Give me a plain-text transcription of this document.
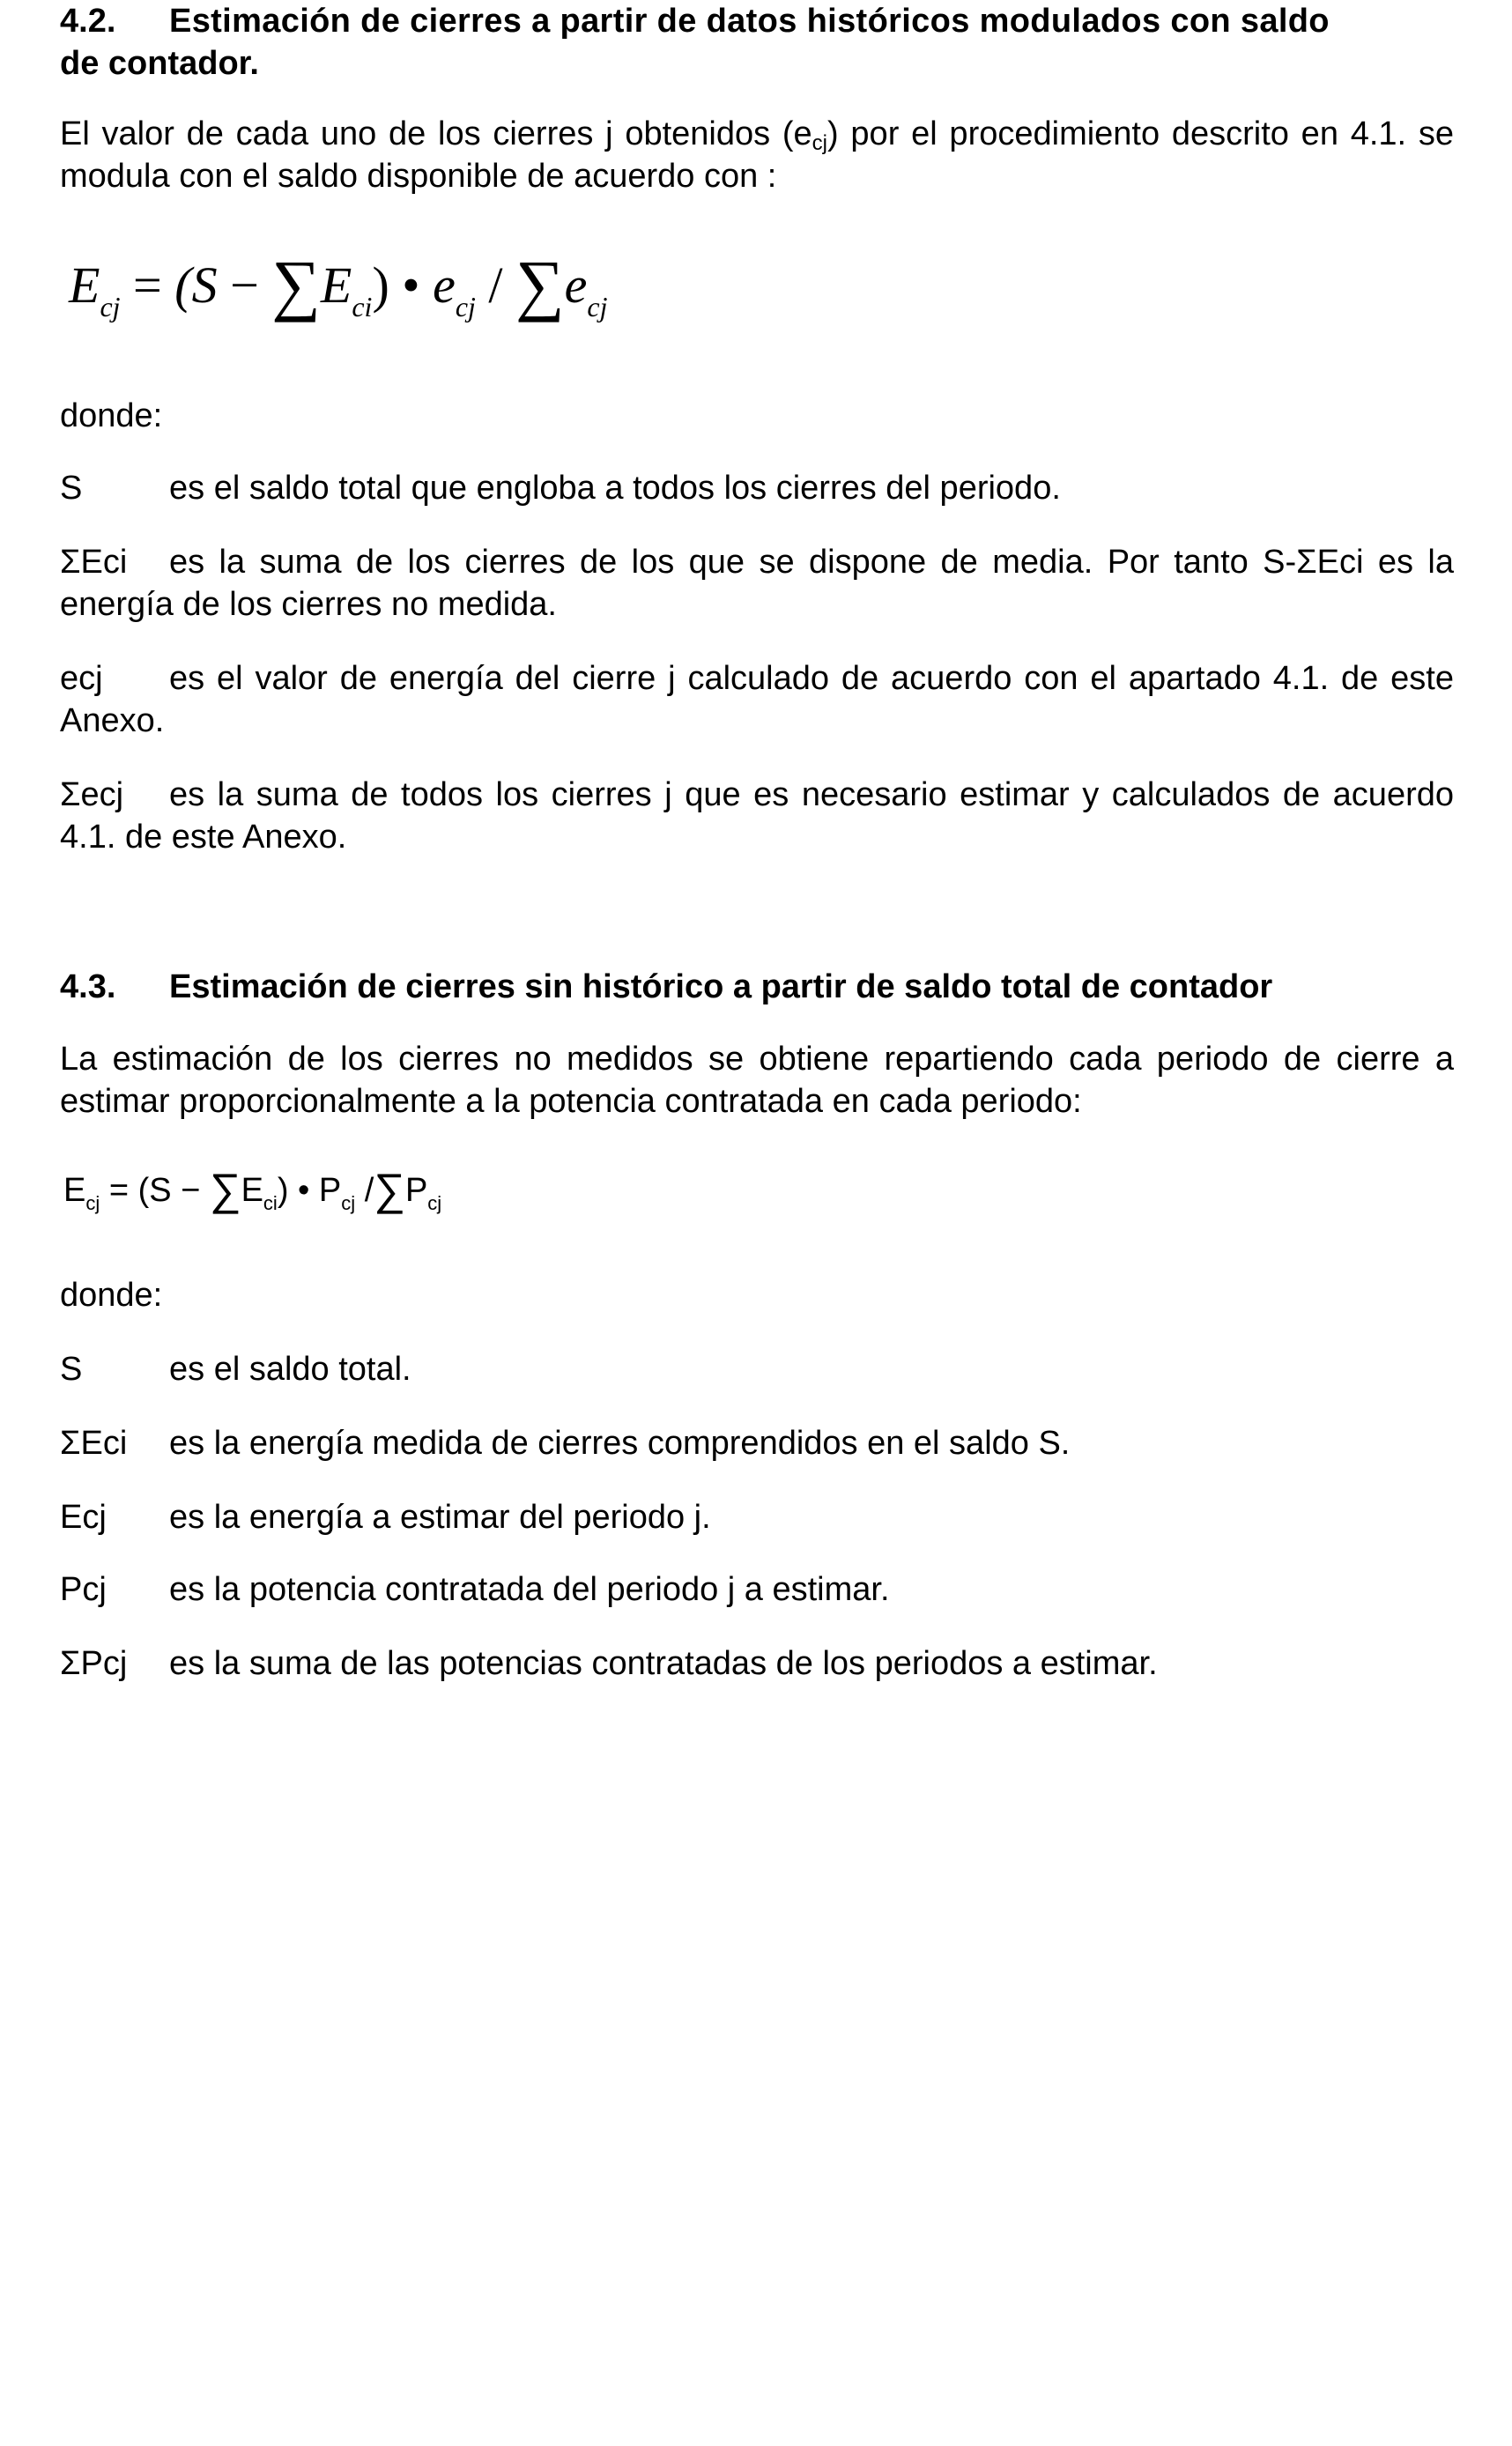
4.2. Estimación de cierres a partir de datos históricos modulados con saldo
de contador.
El valor de cada uno de los cierres j obtenidos $(e_{cj})$ por el procedimiento descrito en 4.1. se modula con el saldo disponible de acuerdo con :
$E_{cj} = (S - \sum E_{ci})$ • $e_{cj} / \sum e_{cj}$
donde:
S	es el saldo total que engloba a todos los cierres del periodo.
ΣEci es la suma de los cierres de los que se dispone de media. Por tanto S-ΣEci es la energía de los cierres no medida.
ecj es el valor de energía del cierre j calculado de acuerdo con el apartado 4.1. de este Anexo.
Σecj es la suma de todos los cierres j que es necesario estimar y calculados de acuerdo 4.1. de este Anexo.
4.3. Estimación de cierres sin histórico a partir de saldo total de contador
La estimación de los cierres no medidos se obtiene repartiendo cada periodo de cierre a estimar proporcionalmente a la potencia contratada en cada periodo:
$E_{cj} = (S - \sum E_{ci})$ • $P_{cj}$ $/\sum P_{cj}$
donde:
S	es el saldo total.
ΣEci es la energía medida de cierres comprendidos en el saldo S.
Ecj es la energía a estimar del periodo j.
Pcj es la potencia contratada del periodo j a estimar.
ΣPcj es la suma de las potencias contratadas de los periodos a estimar.
